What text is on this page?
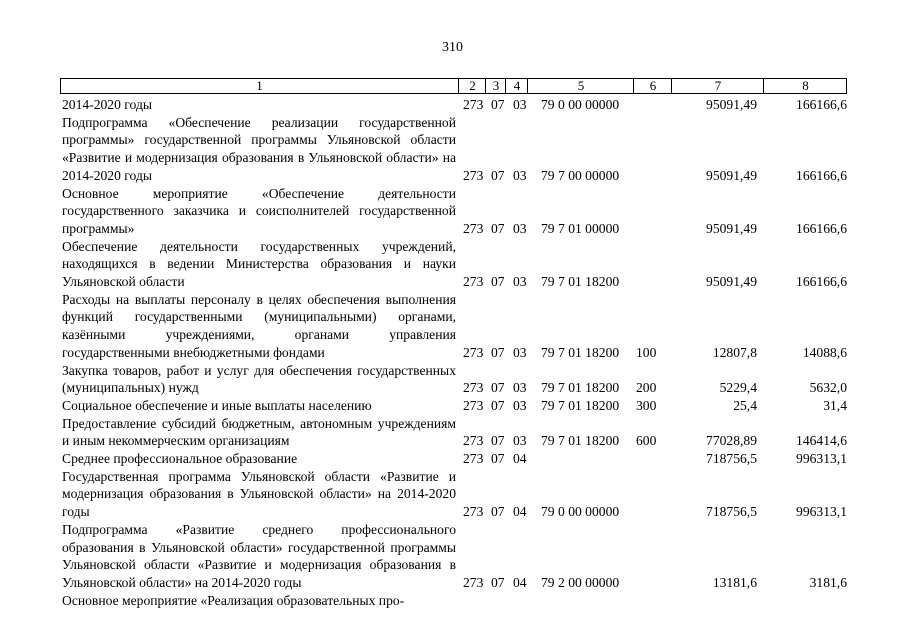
310
1	2	3	4	5	6	7	8
2014-2020 годы	273 07 03 79 0 00 00000	95091,49	166166,6
Подпрограмма «Обеспечение реализации государственной программы» государственной программы Ульяновской области «Развитие и модернизация образования в Ульяновской области» на 2014-2020 годы	273 07 03 79 7 00 00000	95091,49	166166,6
Основное мероприятие «Обеспечение деятельности государственного заказчика и соисполнителей государственной программы»	273 07 03 79 7 01 00000	95091,49	166166,6
Обеспечение деятельности государственных учреждений, находящихся в ведении Министерства образования и науки Ульяновской области	273 07 03 79 7 01 18200	95091,49	166166,6
Расходы на выплаты персоналу в целях обеспечения выполнения функций государственными (муниципальными) органами, казёнными учреждениями, органами управления государственными внебюджетными фондами	273 07 03 79 7 01 18200 100	12807,8	14088,6
Закупка товаров, работ и услуг для обеспечения государственных (муниципальных) нужд	273 07 03 79 7 01 18200 200	5229,4	5632,0
Социальное обеспечение и иные выплаты населению	273 07 03 79 7 01 18200 300	25,4	31,4
Предоставление субсидий бюджетным, автономным учреждениям и иным некоммерческим организациям	273 07 03 79 7 01 18200 600	77028,89	146414,6
Среднее профессиональное образование	273 07 04	718756,5	996313,1
Государственная программа Ульяновской области «Развитие и модернизация образования в Ульяновской области» на 2014-2020 годы	273 07 04 79 0 00 00000	718756,5	996313,1
Подпрограмма «Развитие среднего профессионального образования в Ульяновской области» государственной программы Ульяновской области «Развитие и модернизация образования в Ульяновской области» на 2014-2020 годы	273 07 04 79 2 00 00000	13181,6	3181,6
Основное мероприятие «Реализация образовательных про-
